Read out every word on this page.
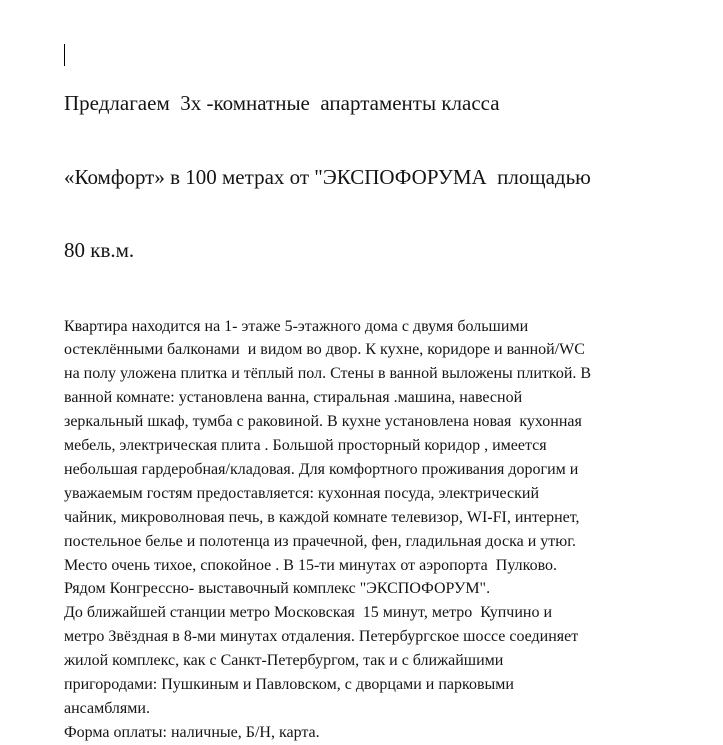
Предлагаем  3х -комнатные  апартаменты класса

«Комфорт» в 100 метрах от "ЭКСПОФОРУМА  площадью

80 кв.м.

Квартира находится на 1- этаже 5-этажного дома с двумя большими
остеклёнными балконами  и видом во двор. К кухне, коридоре и ванной/WC
на полу уложена плитка и тёплый пол. Стены в ванной выложены плиткой. В
ванной комнате: установлена ванна, стиральная .машина, навесной
зеркальный шкаф, тумба с раковиной. В кухне установлена новая  кухонная
мебель, электрическая плита . Большой просторный коридор , имеется
небольшая гардеробная/кладовая. Для комфортного проживания дорогим и
уважаемым гостям предоставляется: кухонная посуда, электрический
чайник, микроволновая печь, в каждой комнате телевизор, WI-FI, интернет,
постельное белье и полотенца из прачечной, фен, гладильная доска и утюг.
Место очень тихое, спокойное . В 15-ти минутах от аэропорта  Пулково.
Рядом Конгрессно- выставочный комплекс "ЭКСПОФОРУМ".
До ближайшей станции метро Московская  15 минут, метро  Купчино и
метро Звёздная в 8-ми минутах отдаления. Петербургское шоссе соединяет
жилой комплекс, как с Санкт-Петербургом, так и с ближайшими
пригородами: Пушкиным и Павловском, с дворцами и парковыми
ансамблями.
Форма оплаты: наличные, Б/Н, карта.
